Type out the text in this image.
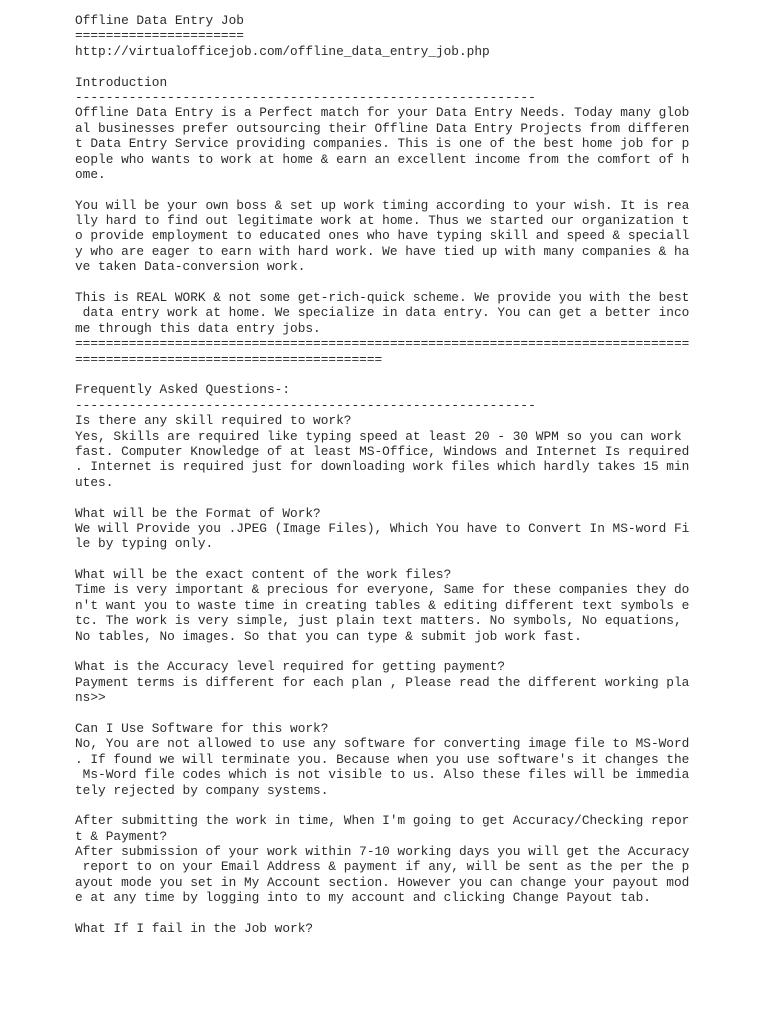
Offline Data Entry Job
======================
http://virtualofficejob.com/offline_data_entry_job.php
Introduction
------------------------------------------------------------
Offline Data Entry is a Perfect match for your Data Entry Needs. Today many glob
al businesses prefer outsourcing their Offline Data Entry Projects from differen
t Data Entry Service providing companies. This is one of the best home job for p
eople who wants to work at home & earn an excellent income from the comfort of h
ome.
You will be your own boss & set up work timing according to your wish. It is rea
lly hard to find out legitimate work at home. Thus we started our organization t
o provide employment to educated ones who have typing skill and speed & speciall
y who are eager to earn with hard work. We have tied up with many companies & ha
ve taken Data-conversion work.
This is REAL WORK & not some get-rich-quick scheme. We provide you with the best
data entry work at home. We specialize in data entry. You can get a better inco
me through this data entry jobs.
================================================================================
========================================
Frequently Asked Questions-:
------------------------------------------------------------
Is there any skill required to work?
Yes, Skills are required like typing speed at least 20 - 30 WPM so you can work
fast. Computer Knowledge of at least MS-Office, Windows and Internet Is required
. Internet is required just for downloading work files which hardly takes 15 min
utes.
What will be the Format of Work?
We will Provide you .JPEG (Image Files), Which You have to Convert In MS-word Fi
le by typing only.
What will be the exact content of the work files?
Time is very important & precious for everyone, Same for these companies they do
n't want you to waste time in creating tables & editing different text symbols e
tc. The work is very simple, just plain text matters. No symbols, No equations,
No tables, No images. So that you can type & submit job work fast.
What is the Accuracy level required for getting payment?
Payment terms is different for each plan , Please read the different working pla
ns>>
Can I Use Software for this work?
No, You are not allowed to use any software for converting image file to MS-Word
. If found we will terminate you. Because when you use software's it changes the
Ms-Word file codes which is not visible to us. Also these files will be immedia
tely rejected by company systems.
After submitting the work in time, When I'm going to get Accuracy/Checking repor
t & Payment?
After submission of your work within 7-10 working days you will get the Accuracy
report to on your Email Address & payment if any, will be sent as the per the p
ayout mode you set in My Account section. However you can change your payout mod
e at any time by logging into to my account and clicking Change Payout tab.
What If I fail in the Job work?
